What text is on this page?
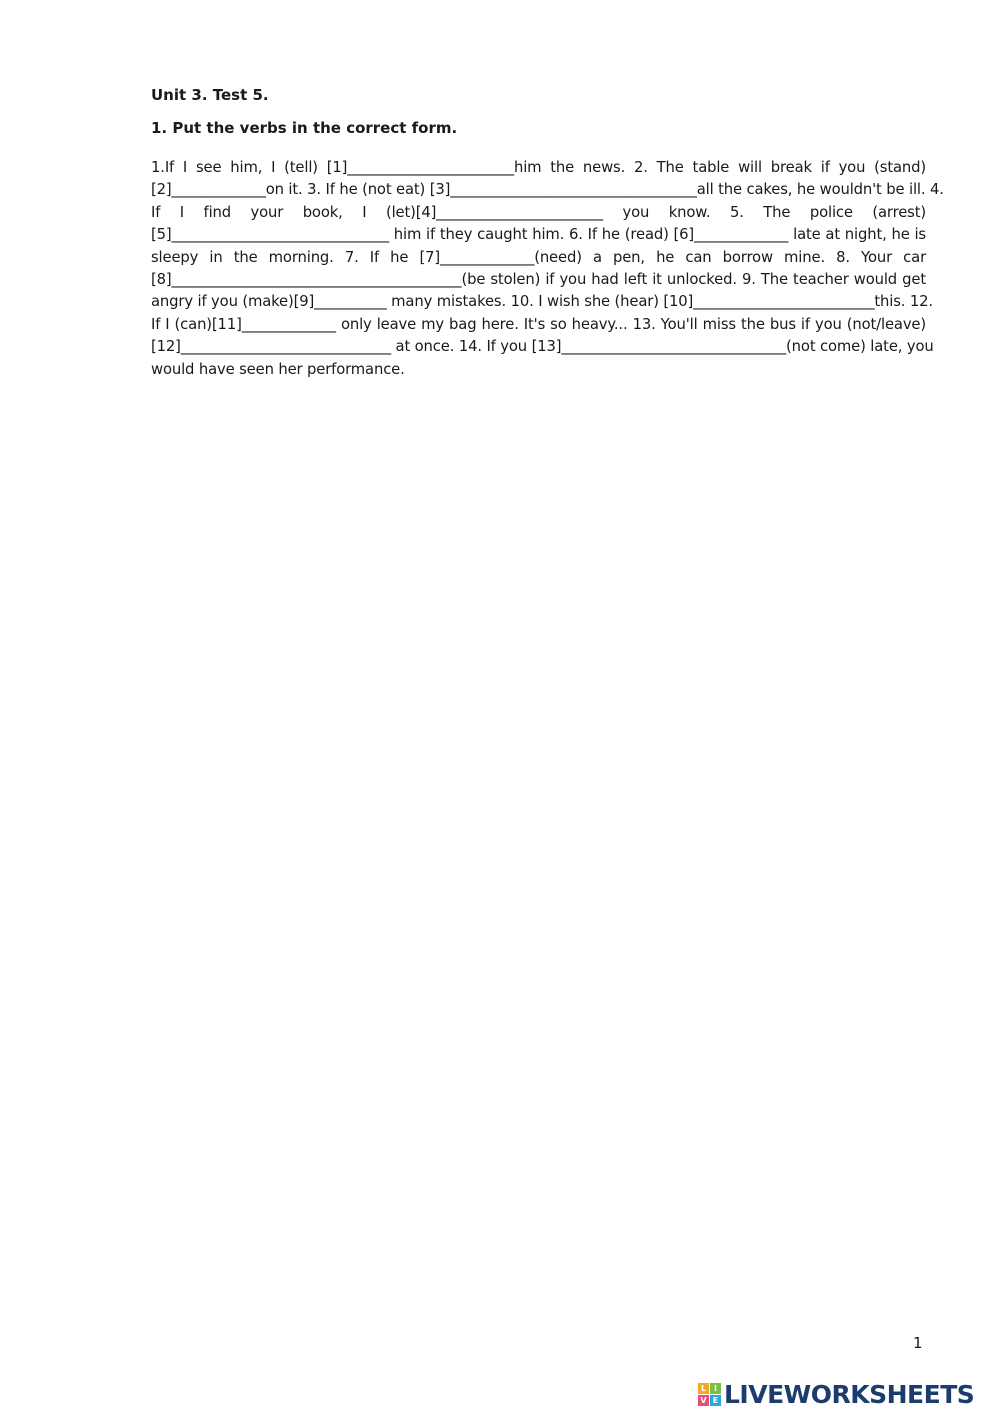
Unit 3. Test 5.
1. Put the verbs in the correct form.
1.If I see him, I (tell) [1]_______________________him the news. 2. The table will break if you (stand)
[2]_____________on it. 3. If he (not eat) [3]__________________________________all the cakes, he wouldn't be ill. 4.
If I find your book, I (let)[4]_______________________ you know. 5. The police (arrest)
[5]______________________________ him if they caught him. 6. If he (read) [6]_____________ late at night, he is
sleepy in the morning. 7. If he [7]_____________(need) a pen, he can borrow mine. 8. Your car
[8]________________________________________(be stolen) if you had left it unlocked. 9. The teacher would get
angry if you (make)[9]__________ many mistakes. 10. I wish she (hear) [10]_________________________this. 12.
If I (can)[11]_____________ only leave my bag here. It's so heavy... 13. You'll miss the bus if you (not/leave)
[12]_____________________________ at once. 14. If you [13]_______________________________(not come) late, you
would have seen her performance.
1
L I
V E LIVEWORKSHEETS
